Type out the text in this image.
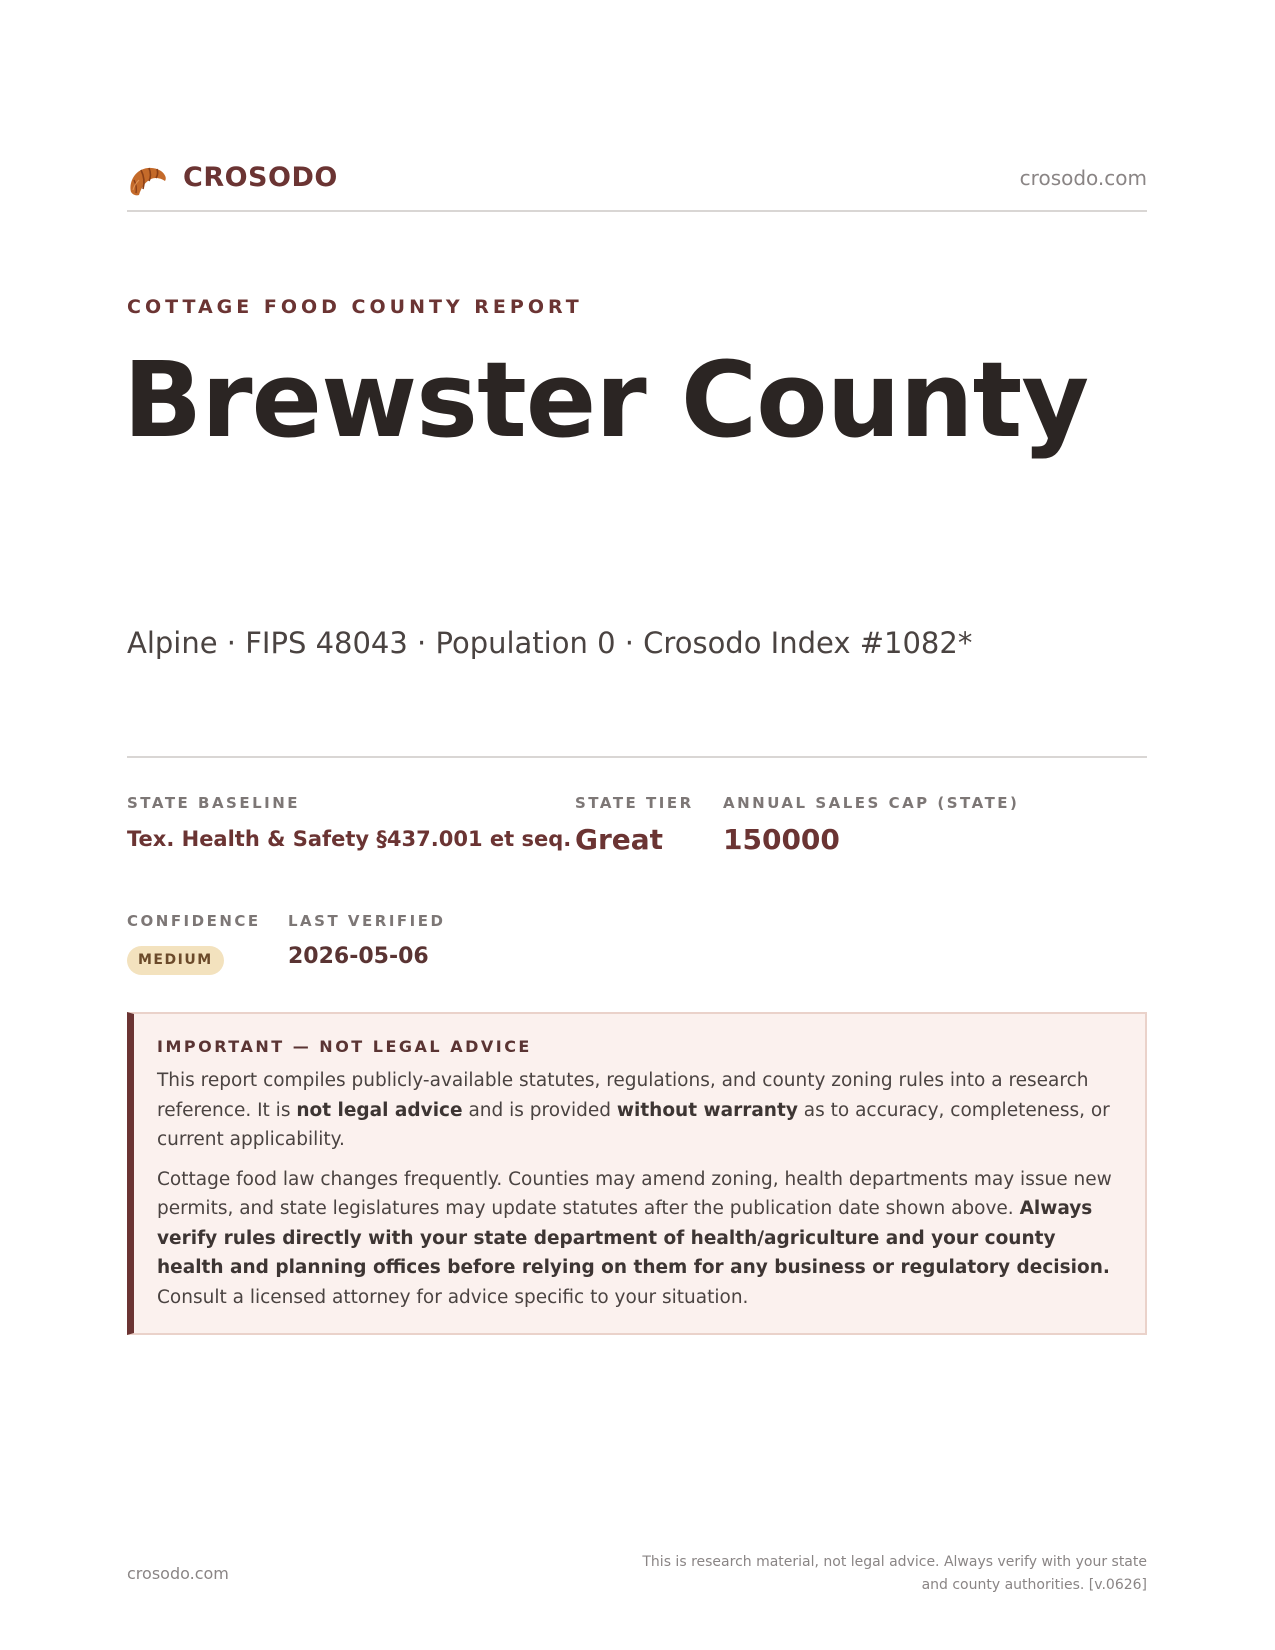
CROSODO	crosodo.com
COTTAGE FOOD COUNTY REPORT
Brewster County
Alpine · FIPS 48043 · Population 0 · Crosodo Index #1082*
STATE BASELINE
Tex. Health & Safety §437.001 et seq.
STATE TIER
Great
ANNUAL SALES CAP (STATE)
150000
CONFIDENCE
MEDIUM
LAST VERIFIED
2026-05-06
IMPORTANT — NOT LEGAL ADVICE

This report compiles publicly-available statutes, regulations, and county zoning rules into a research reference. It is not legal advice and is provided without warranty as to accuracy, completeness, or current applicability.

Cottage food law changes frequently. Counties may amend zoning, health departments may issue new permits, and state legislatures may update statutes after the publication date shown above. Always verify rules directly with your state department of health/agriculture and your county health and planning offices before relying on them for any business or regulatory decision. Consult a licensed attorney for advice specific to your situation.

crosodo.com
This is research material, not legal advice. Always verify with your state
and county authorities. [v.0626]
